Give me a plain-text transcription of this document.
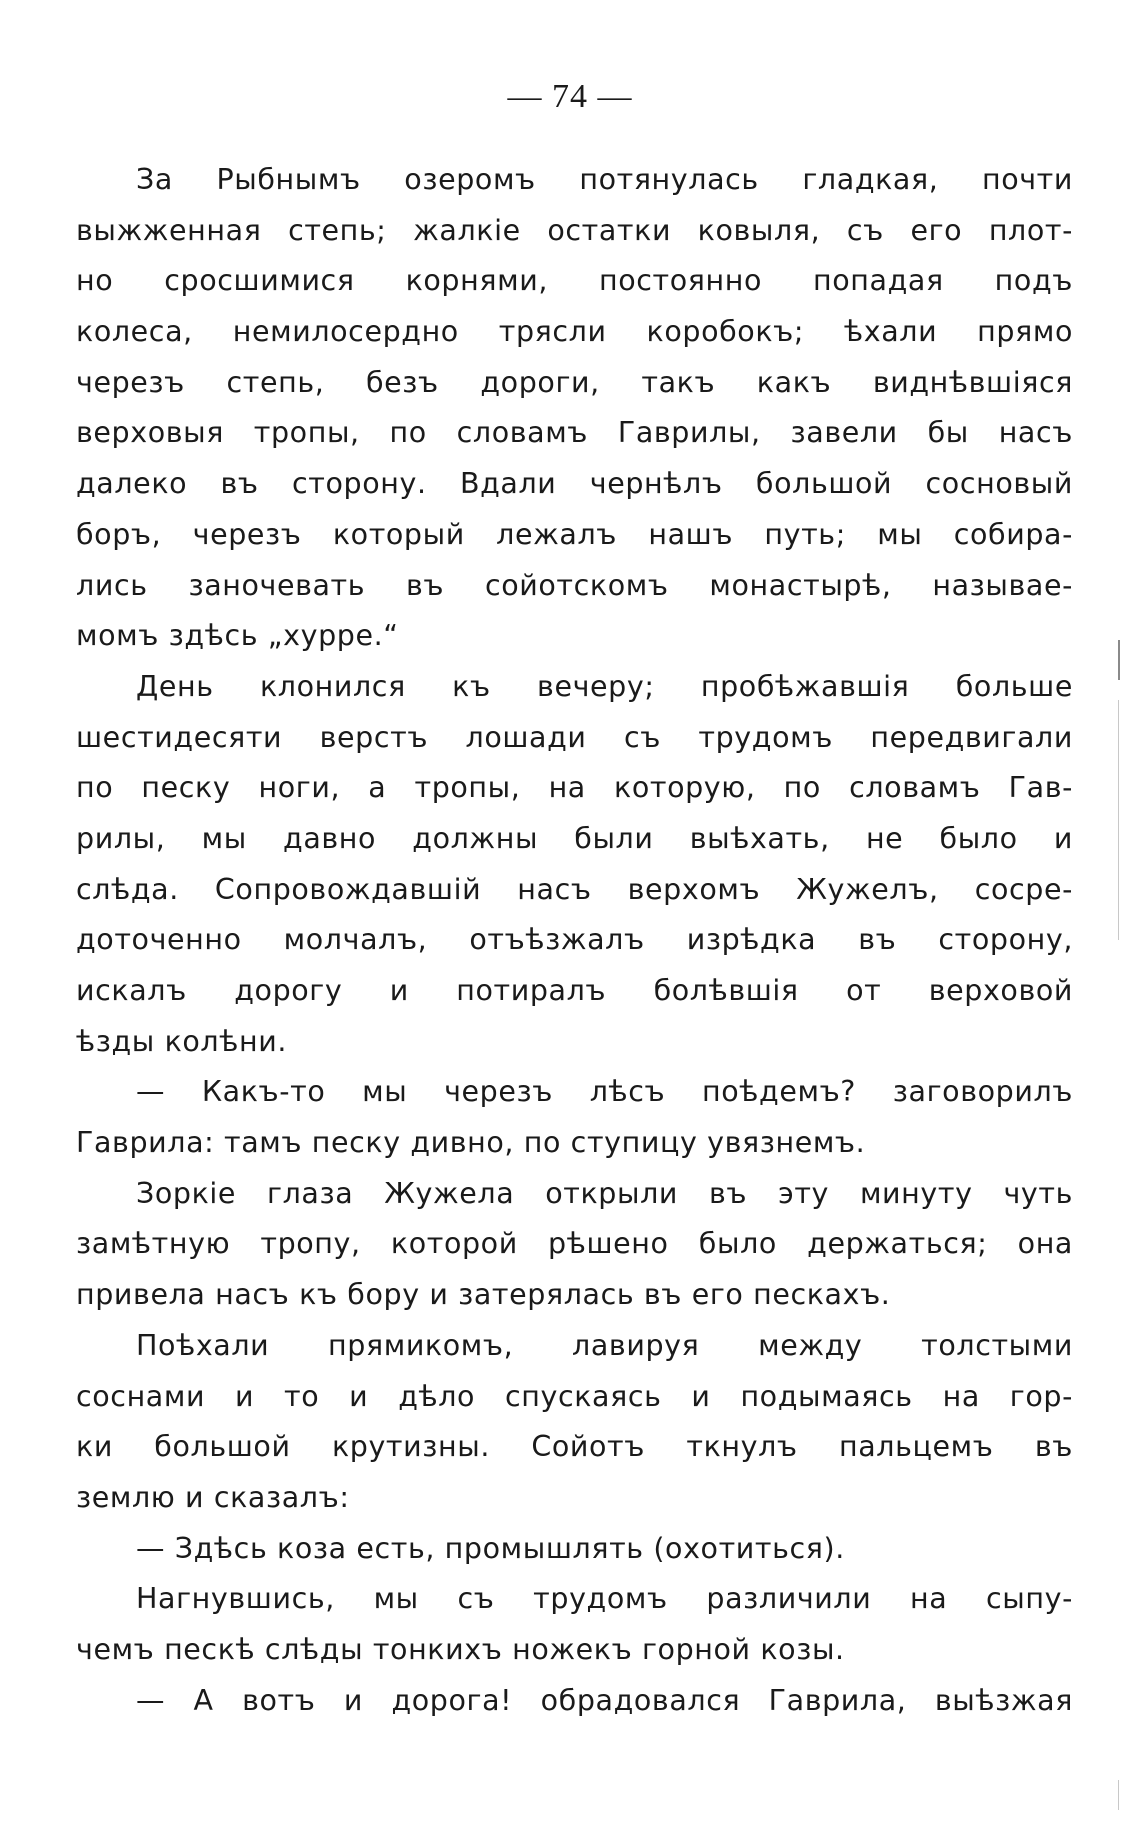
— 74 —
За Рыбнымъ озеромъ потянулась гладкая, почти
выжженная степь; жалкіе остатки ковыля, съ его плот-
но сросшимися корнями, постоянно попадая подъ
колеса, немилосердно трясли коробокъ; ѣхали прямо
черезъ степь, безъ дороги, такъ какъ виднѣвшіяся
верховыя тропы, по словамъ Гаврилы, завели бы насъ
далеко въ сторону. Вдали чернѣлъ большой сосновый
боръ, черезъ который лежалъ нашъ путь; мы собира-
лись заночевать въ сойотскомъ монастырѣ, называе-
момъ здѣсь „хурре.“
День клонился къ вечеру; пробѣжавшія больше
шестидесяти верстъ лошади съ трудомъ передвигали
по песку ноги, а тропы, на которую, по словамъ Гав-
рилы, мы давно должны были выѣхать, не было и
слѣда. Сопровождавшій насъ верхомъ Жужелъ, сосре-
доточенно молчалъ, отъѣзжалъ изрѣдка въ сторону,
искалъ дорогу и потиралъ болѣвшія от верховой
ѣзды колѣни.
— Какъ-то мы черезъ лѣсъ поѣдемъ? заговорилъ
Гаврила: тамъ песку дивно, по ступицу увязнемъ.
Зоркіе глаза Жужела открыли въ эту минуту чуть
замѣтную тропу, которой рѣшено было держаться; она
привела насъ къ бору и затерялась въ его пескахъ.
Поѣхали прямикомъ, лавируя между толстыми
соснами и то и дѣло спускаясь и подымаясь на гор-
ки большой крутизны. Сойотъ ткнулъ пальцемъ въ
землю и сказалъ:
— Здѣсь коза есть, промышлять (охотиться).
Нагнувшись, мы съ трудомъ различили на сыпу-
чемъ пескѣ слѣды тонкихъ ножекъ горной козы.
— А вотъ и дорога! обрадовался Гаврила, выѣзжая
